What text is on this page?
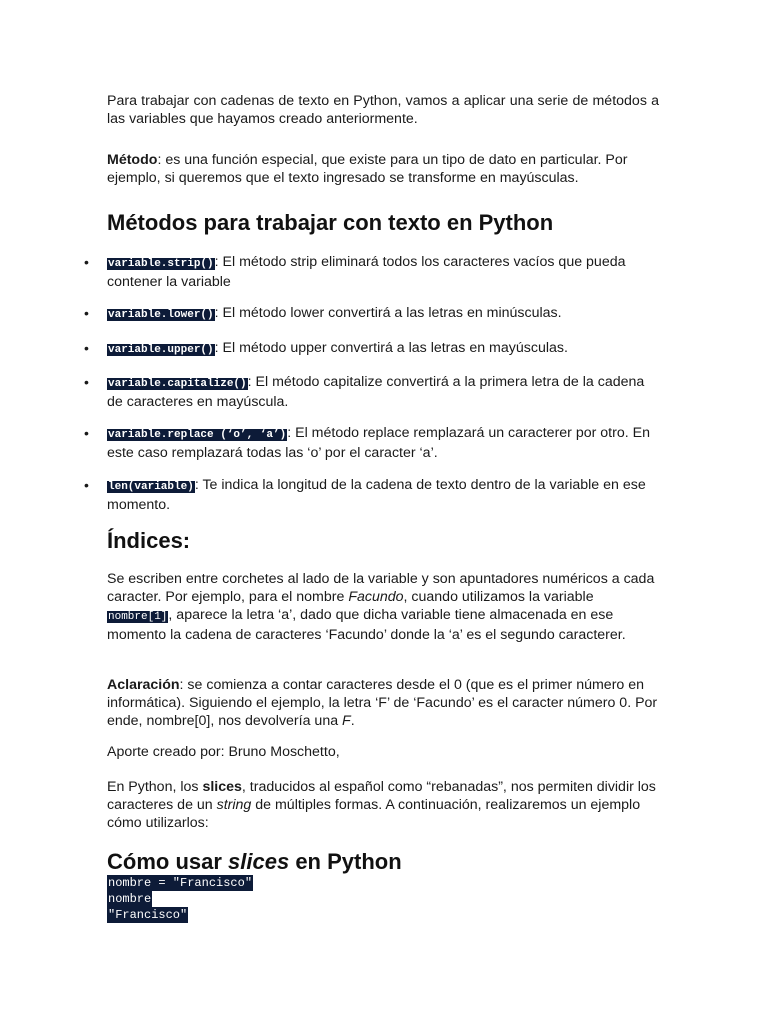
Para trabajar con cadenas de texto en Python, vamos a aplicar una serie de métodos a las variables que hayamos creado anteriormente.

Método: es una función especial, que existe para un tipo de dato en particular. Por ejemplo, si queremos que el texto ingresado se transforme en mayúsculas.

Métodos para trabajar con texto en Python
• variable.strip(): El método strip eliminará todos los caracteres vacíos que pueda contener la variable
• variable.lower(): El método lower convertirá a las letras en minúsculas.
• variable.upper(): El método upper convertirá a las letras en mayúsculas.
• variable.capitalize(): El método capitalize convertirá a la primera letra de la cadena de caracteres en mayúscula.
• variable.replace (‘o’, ‘a’): El método replace remplazará un caracterer por otro. En este caso remplazará todas las ‘o’ por el caracter ‘a’.
• len(variable): Te indica la longitud de la cadena de texto dentro de la variable en ese momento.
Índices:

Se escriben entre corchetes al lado de la variable y son apuntadores numéricos a cada caracter. Por ejemplo, para el nombre Facundo, cuando utilizamos la variable nombre[1], aparece la letra ‘a’, dado que dicha variable tiene almacenada en ese momento la cadena de caracteres ‘Facundo’ donde la ‘a’ es el segundo caracterer.

Aclaración: se comienza a contar caracteres desde el 0 (que es el primer número en informática). Siguiendo el ejemplo, la letra ‘F’ de ‘Facundo’ es el caracter número 0. Por ende, nombre[0], nos devolvería una F.

Aporte creado por: Bruno Moschetto,

En Python, los slices, traducidos al español como “rebanadas”, nos permiten dividir los caracteres de un string de múltiples formas. A continuación, realizaremos un ejemplo cómo utilizarlos:

Cómo usar slices en Python
nombre = "Francisco"
nombre
"Francisco"
